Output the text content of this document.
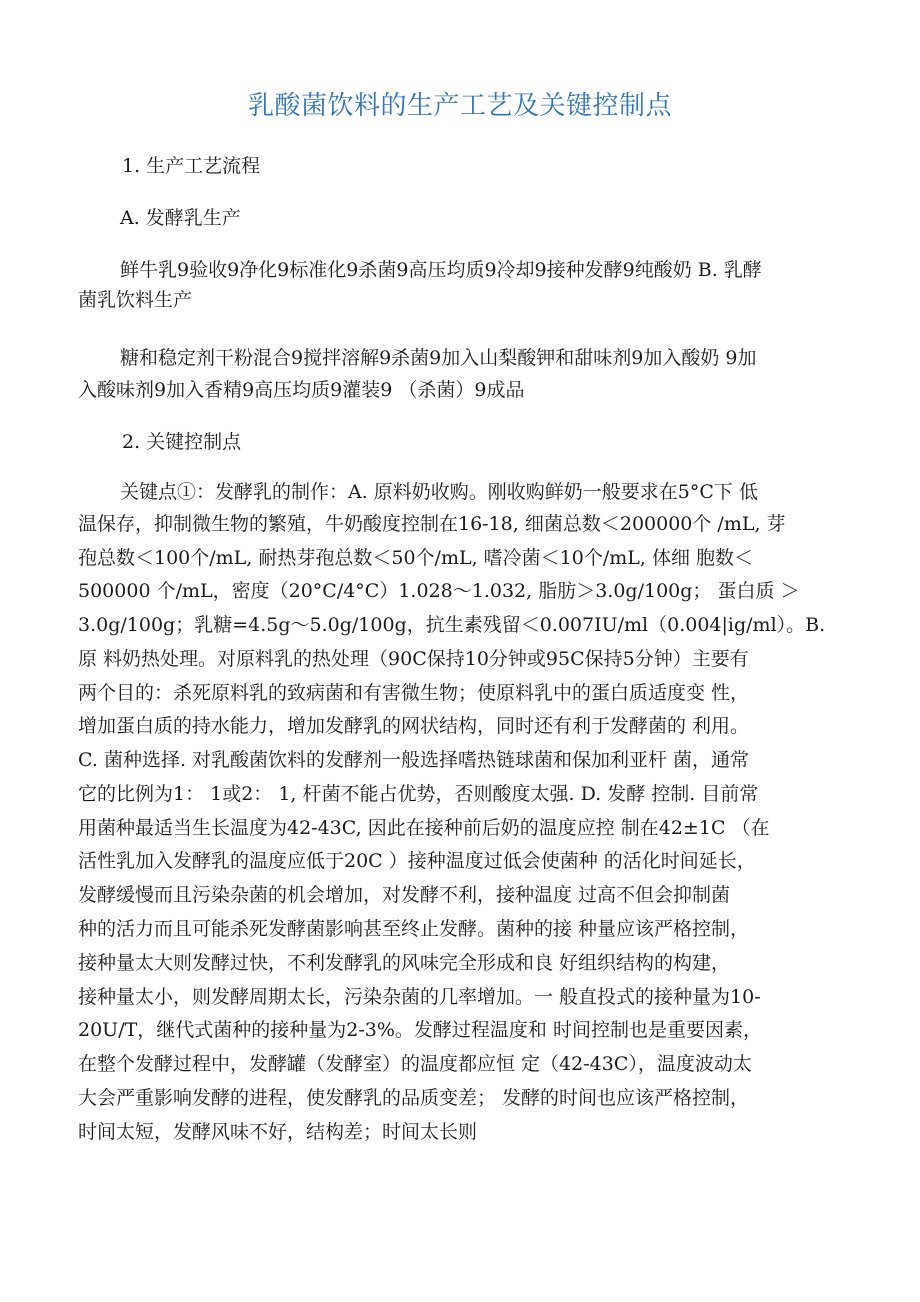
乳酸菌饮料的生产工艺及关键控制点
1. 生产工艺流程
A. 发酵乳生产
鲜牛乳9验收9净化9标准化9杀菌9高压均质9冷却9接种发酵9纯酸奶 B. 乳酵
菌乳饮料生产
糖和稳定剂干粉混合9搅拌溶解9杀菌9加入山梨酸钾和甜味剂9加入酸奶 9加
入酸味剂9加入香精9高压均质9灌装9 （杀菌）9成品
2. 关键控制点
关键点①：发酵乳的制作：A. 原料奶收购。刚收购鲜奶一般要求在5°C下 低
温保存，抑制微生物的繁殖，牛奶酸度控制在16-18, 细菌总数＜200000个 /mL, 芽
孢总数＜100个/mL, 耐热芽孢总数＜50个/mL, 嗜冷菌＜10个/mL, 体细 胞数＜
500000 个/mL，密度（20°C/4°C）1.028〜1.032, 脂肪＞3.0g/100g； 蛋白质 ＞
3.0g/100g；乳糖=4.5g〜5.0g/100g，抗生素残留＜0.007IU/ml（0.004|ig/ml）。B.
原 料奶热处理。对原料乳的热处理（90C保持10分钟或95C保持5分钟）主要有
两个目的：杀死原料乳的致病菌和有害微生物；使原料乳中的蛋白质适度变 性，
增加蛋白质的持水能力，增加发酵乳的网状结构，同时还有利于发酵菌的 利用。
C. 菌种选择. 对乳酸菌饮料的发酵剂一般选择嗜热链球菌和保加利亚杆 菌，通常
它的比例为1： 1或2： 1, 杆菌不能占优势，否则酸度太强. D. 发酵 控制. 目前常
用菌种最适当生长温度为42-43C, 因此在接种前后奶的温度应控 制在42±1C （在
活性乳加入发酵乳的温度应低于20C ）接种温度过低会使菌种 的活化时间延长，
发酵缓慢而且污染杂菌的机会增加，对发酵不利，接种温度 过高不但会抑制菌
种的活力而且可能杀死发酵菌影响甚至终止发酵。菌种的接 种量应该严格控制，
接种量太大则发酵过快，不利发酵乳的风味完全形成和良 好组织结构的构建，
接种量太小，则发酵周期太长，污染杂菌的几率增加。一 般直投式的接种量为10-
20U/T，继代式菌种的接种量为2-3%。发酵过程温度和 时间控制也是重要因素，
在整个发酵过程中，发酵罐（发酵室）的温度都应恒 定（42-43C），温度波动太
大会严重影响发酵的进程，使发酵乳的品质变差； 发酵的时间也应该严格控制，
时间太短，发酵风味不好，结构差；时间太长则
